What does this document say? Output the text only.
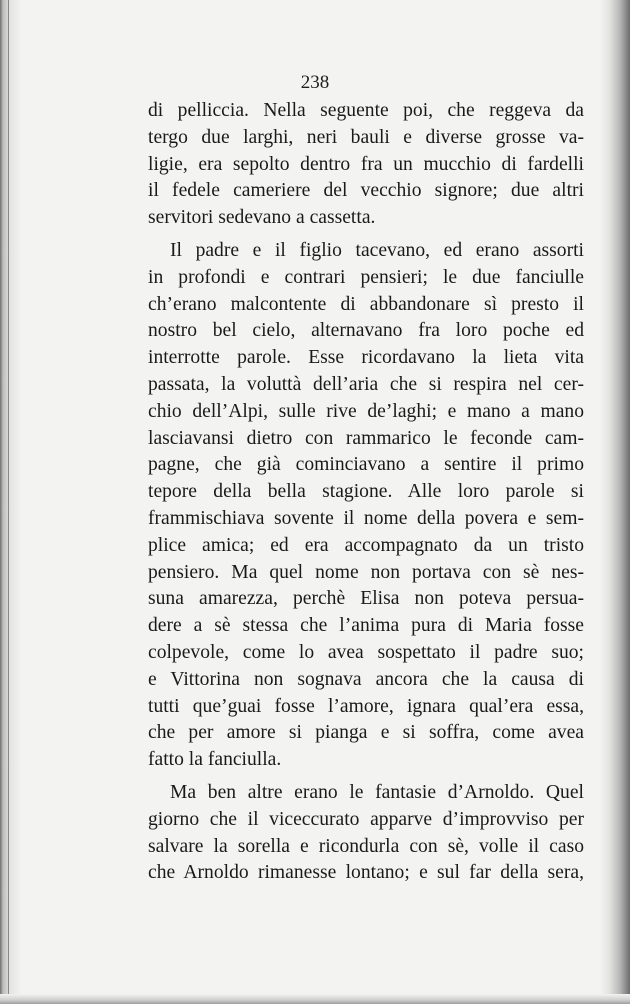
238
di pelliccia. Nella seguente poi, che reggeva da
tergo due larghi, neri bauli e diverse grosse va-
ligie, era sepolto dentro fra un mucchio di fardelli
il fedele cameriere del vecchio signore; due altri
servitori sedevano a cassetta.
Il padre e il figlio tacevano, ed erano assorti
in profondi e contrari pensieri; le due fanciulle
ch’erano malcontente di abbandonare sì presto il
nostro bel cielo, alternavano fra loro poche ed
interrotte parole. Esse ricordavano la lieta vita
passata, la voluttà dell’aria che si respira nel cer-
chio dell’Alpi, sulle rive de’laghi; e mano a mano
lasciavansi dietro con rammarico le feconde cam-
pagne, che già cominciavano a sentire il primo
tepore della bella stagione. Alle loro parole si
frammischiava sovente il nome della povera e sem-
plice amica; ed era accompagnato da un tristo
pensiero. Ma quel nome non portava con sè nes-
suna amarezza, perchè Elisa non poteva persua-
dere a sè stessa che l’anima pura di Maria fosse
colpevole, come lo avea sospettato il padre suo;
e Vittorina non sognava ancora che la causa di
tutti que’guai fosse l’amore, ignara qual’era essa,
che per amore si pianga e si soffra, come avea
fatto la fanciulla.
Ma ben altre erano le fantasie d’Arnoldo. Quel
giorno che il viceccurato apparve d’improvviso per
salvare la sorella e ricondurla con sè, volle il caso
che Arnoldo rimanesse lontano; e sul far della sera,
